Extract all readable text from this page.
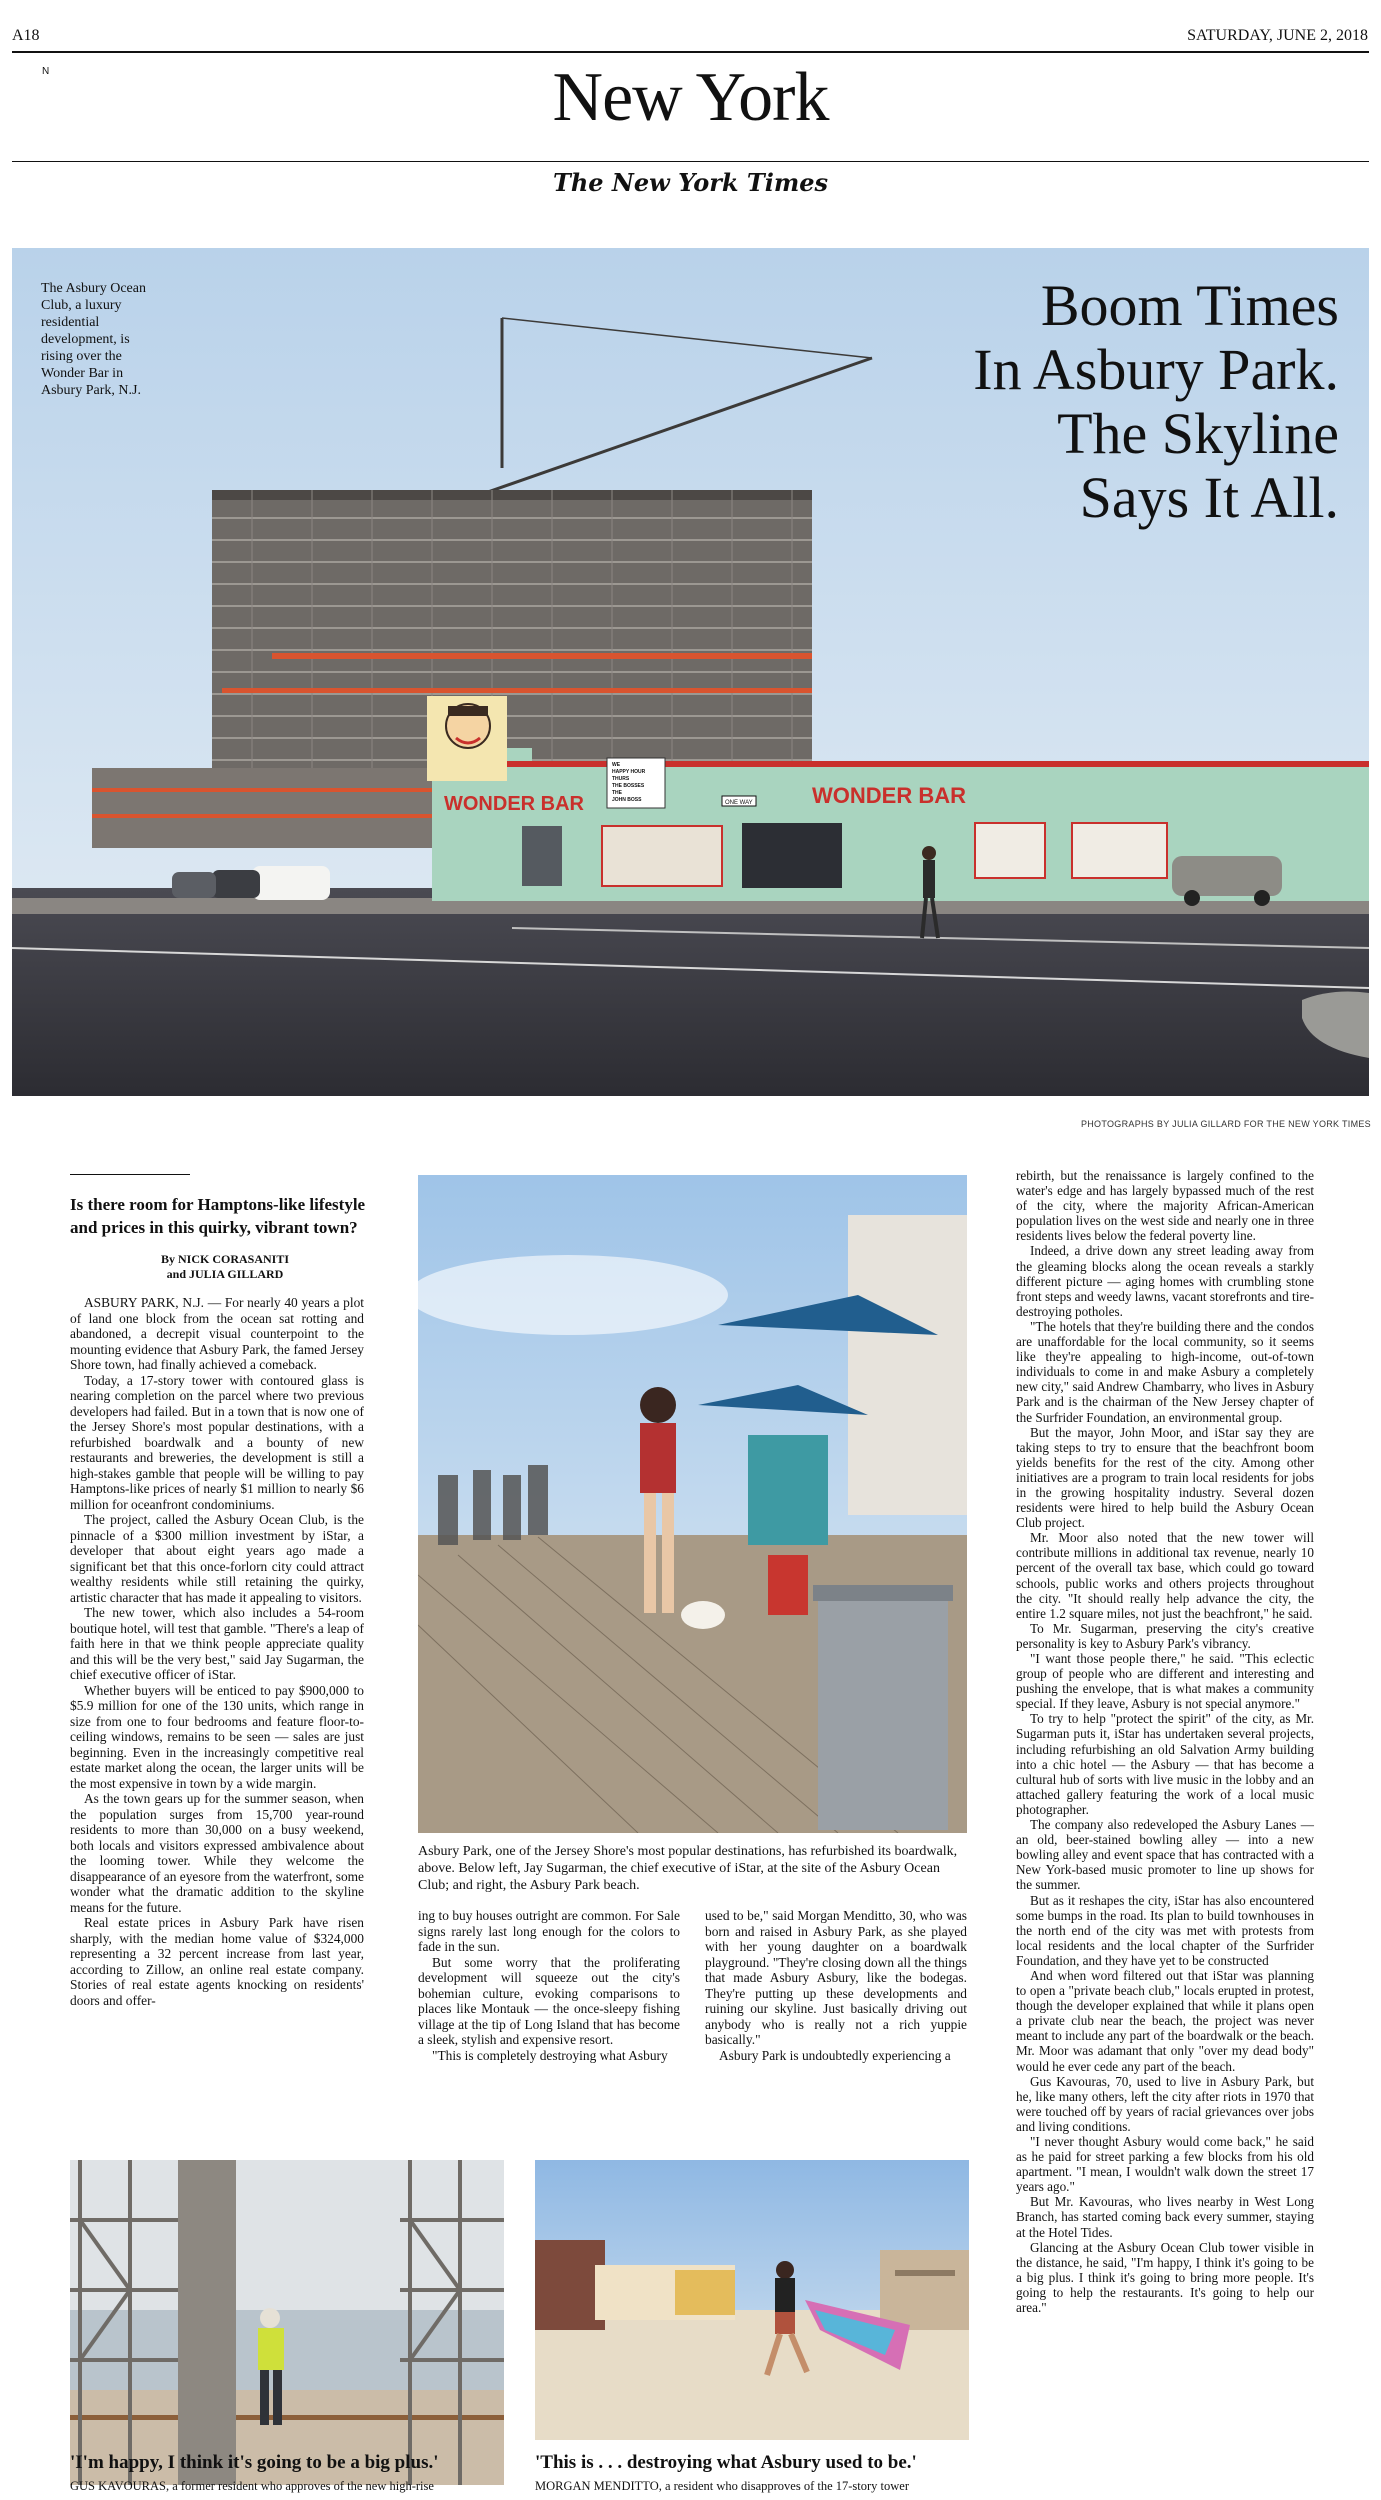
A18	SATURDAY, JUNE 2, 2018
N	New York
The New York Times
WONDER BAR	WONDER BAR
WE
HAPPY HOUR
THURS
THE BOSSES
THE
JOHN BOSS	ONE WAY
The Asbury Ocean Club, a luxury residential development, is rising over the Wonder Bar in Asbury Park, N.J.
Boom Times
In Asbury Park.
The Skyline
Says It All.
PHOTOGRAPHS BY JULIA GILLARD FOR THE NEW YORK TIMES
Is there room for Hamptons-like lifestyle and prices in this quirky, vibrant town?
By NICK CORASANITI
and JULIA GILLARD

ASBURY PARK, N.J. — For nearly 40 years a plot of land one block from the ocean sat rotting and abandoned, a decrepit visual counterpoint to the mounting evidence that Asbury Park, the famed Jersey Shore town, had finally achieved a comeback.

Today, a 17-story tower with contoured glass is nearing completion on the parcel where two previous developers had failed. But in a town that is now one of the Jersey Shore's most popular destinations, with a refurbished boardwalk and a bounty of new restaurants and breweries, the development is still a high-stakes gamble that people will be willing to pay Hamptons-like prices of nearly $1 million to nearly $6 million for oceanfront condominiums.

The project, called the Asbury Ocean Club, is the pinnacle of a $300 million investment by iStar, a developer that about eight years ago made a significant bet that this once-forlorn city could attract wealthy residents while still retaining the quirky, artistic character that has made it appealing to visitors.

The new tower, which also includes a 54-room boutique hotel, will test that gamble. "There's a leap of faith here in that we think people appreciate quality and this will be the very best," said Jay Sugarman, the chief executive officer of iStar.

Whether buyers will be enticed to pay $900,000 to $5.9 million for one of the 130 units, which range in size from one to four bedrooms and feature floor-to-ceiling windows, remains to be seen — sales are just beginning. Even in the increasingly competitive real estate market along the ocean, the larger units will be the most expensive in town by a wide margin.

As the town gears up for the summer season, when the population surges from 15,700 year-round residents to more than 30,000 on a busy weekend, both locals and visitors expressed ambivalence about the looming tower. While they welcome the disappearance of an eyesore from the waterfront, some wonder what the dramatic addition to the skyline means for the future.

Real estate prices in Asbury Park have risen sharply, with the median home value of $324,000 representing a 32 percent increase from last year, according to Zillow, an online real estate company. Stories of real estate agents knocking on residents' doors and offer-

Asbury Park, one of the Jersey Shore's most popular destinations, has refurbished its boardwalk, above. Below left, Jay Sugarman, the chief executive of iStar, at the site of the Asbury Ocean Club; and right, the Asbury Park beach.

ing to buy houses outright are common. For Sale signs rarely last long enough for the colors to fade in the sun.

But some worry that the proliferating development will squeeze out the city's bohemian culture, evoking comparisons to places like Montauk — the once-sleepy fishing village at the tip of Long Island that has become a sleek, stylish and expensive resort.

"This is completely destroying what Asbury

used to be," said Morgan Menditto, 30, who was born and raised in Asbury Park, as she played with her young daughter on a boardwalk playground. "They're closing down all the things that made Asbury Asbury, like the bodegas. They're putting up these developments and ruining our skyline. Just basically driving out anybody who is really not a rich yuppie basically."

Asbury Park is undoubtedly experiencing a

rebirth, but the renaissance is largely confined to the water's edge and has largely bypassed much of the rest of the city, where the majority African-American population lives on the west side and nearly one in three residents lives below the federal poverty line.

Indeed, a drive down any street leading away from the gleaming blocks along the ocean reveals a starkly different picture — aging homes with crumbling stone front steps and weedy lawns, vacant storefronts and tire-destroying potholes.

"The hotels that they're building there and the condos are unaffordable for the local community, so it seems like they're appealing to high-income, out-of-town individuals to come in and make Asbury a completely new city," said Andrew Chambarry, who lives in Asbury Park and is the chairman of the New Jersey chapter of the Surfrider Foundation, an environmental group.

But the mayor, John Moor, and iStar say they are taking steps to try to ensure that the beachfront boom yields benefits for the rest of the city. Among other initiatives are a program to train local residents for jobs in the growing hospitality industry. Several dozen residents were hired to help build the Asbury Ocean Club project.

Mr. Moor also noted that the new tower will contribute millions in additional tax revenue, nearly 10 percent of the overall tax base, which could go toward schools, public works and others projects throughout the city. "It should really help advance the city, the entire 1.2 square miles, not just the beachfront," he said.

To Mr. Sugarman, preserving the city's creative personality is key to Asbury Park's vibrancy.

"I want those people there," he said. "This eclectic group of people who are different and interesting and pushing the envelope, that is what makes a community special. If they leave, Asbury is not special anymore."

To try to help "protect the spirit" of the city, as Mr. Sugarman puts it, iStar has undertaken several projects, including refurbishing an old Salvation Army building into a chic hotel — the Asbury — that has become a cultural hub of sorts with live music in the lobby and an attached gallery featuring the work of a local music photographer.

The company also redeveloped the Asbury Lanes — an old, beer-stained bowling alley — into a new bowling alley and event space that has contracted with a New York-based music promoter to line up shows for the summer.

But as it reshapes the city, iStar has also encountered some bumps in the road. Its plan to build townhouses in the north end of the city was met with protests from local residents and the local chapter of the Surfrider Foundation, and they have yet to be constructed

And when word filtered out that iStar was planning to open a "private beach club," locals erupted in protest, though the developer explained that while it plans open a private club near the beach, the project was never meant to include any part of the boardwalk or the beach. Mr. Moor was adamant that only "over my dead body" would he ever cede any part of the beach.

Gus Kavouras, 70, used to live in Asbury Park, but he, like many others, left the city after riots in 1970 that were touched off by years of racial grievances over jobs and living conditions.

"I never thought Asbury would come back," he said as he paid for street parking a few blocks from his old apartment. "I mean, I wouldn't walk down the street 17 years ago."

But Mr. Kavouras, who lives nearby in West Long Branch, has started coming back every summer, staying at the Hotel Tides.

Glancing at the Asbury Ocean Club tower visible in the distance, he said, "I'm happy, I think it's going to be a big plus. I think it's going to bring more people. It's going to help the restaurants. It's going to help our area."

'I'm happy, I think it's going to be a big plus.'
GUS KAVOURAS, a former resident who approves of the new high-rise
'This is . . . destroying what Asbury used to be.'
MORGAN MENDITTO, a resident who disapproves of the 17-story tower
